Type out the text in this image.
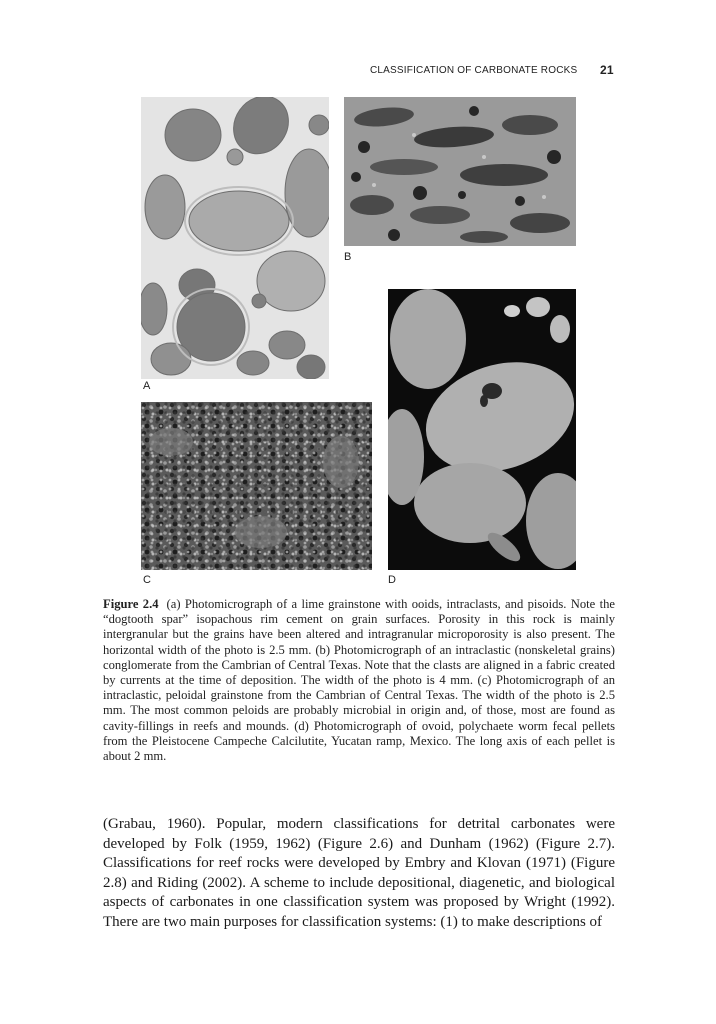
CLASSIFICATION OF CARBONATE ROCKS 21
A
B
C	D

Figure 2.4 (a) Photomicrograph of a lime grainstone with ooids, intraclasts, and pisoids. Note the “dogtooth spar” isopachous rim cement on grain surfaces. Porosity in this rock is mainly intergranular but the grains have been altered and intragranular microporosity is also present. The horizontal width of the photo is 2.5 mm. (b) Photomicrograph of an intraclastic (nonskeletal grains) conglomerate from the Cambrian of Central Texas. Note that the clasts are aligned in a fabric created by currents at the time of deposition. The width of the photo is 4 mm. (c) Photomicrograph of an intraclastic, peloidal grainstone from the Cambrian of Central Texas. The width of the photo is 2.5 mm. The most common peloids are probably microbial in origin and, of those, most are found as cavity-fillings in reefs and mounds. (d) Photomicrograph of ovoid, polychaete worm fecal pellets from the Pleistocene Campeche Calcilutite, Yucatan ramp, Mexico. The long axis of each pellet is about 2 mm.

(Grabau, 1960). Popular, modern classifications for detrital carbonates were developed by Folk (1959, 1962) (Figure 2.6) and Dunham (1962) (Figure 2.7). Classifications for reef rocks were developed by Embry and Klovan (1971) (Figure 2.8) and Riding (2002). A scheme to include depositional, diagenetic, and biological aspects of carbonates in one classification system was proposed by Wright (1992). There are two main purposes for classification systems: (1) to make descriptions of
